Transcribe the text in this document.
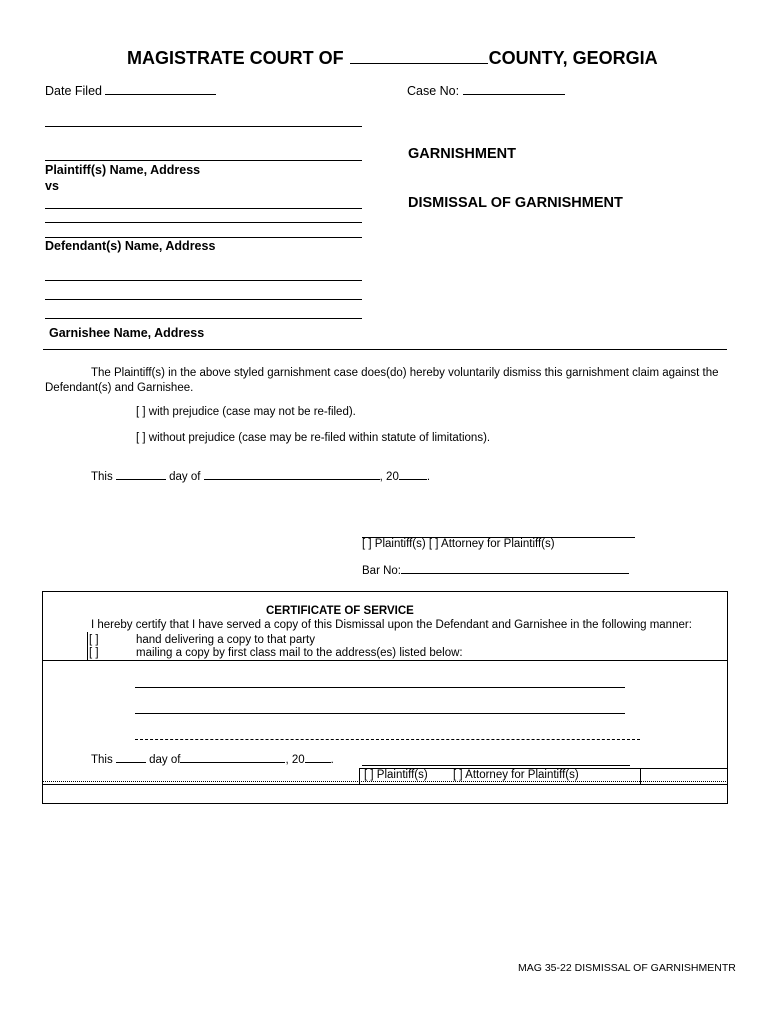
MAGISTRATE COURT OF	COUNTY, GEORGIA
Date Filed	Case No:
Plaintiff(s) Name, Address
vs
Defendant(s) Name, Address
Garnishee Name, Address
GARNISHMENT
DISMISSAL OF GARNISHMENT
The Plaintiff(s) in the above styled garnishment case does(do) hereby voluntarily dismiss this garnishment claim against the Defendant(s) and Garnishee.
[ ] with prejudice (case may not be re-filed).
[ ] without prejudice (case may be re-filed within statute of limitations).
This	day of	, 20 .
[ ] Plaintiff(s) [ ] Attorney for Plaintiff(s)
Bar No:
CERTIFICATE OF SERVICE
I hereby certify that I have served a copy of this Dismissal upon the Defendant and Garnishee in the following manner:
[ ]	hand delivering a copy to that party
[ ]	mailing a copy by first class mail to the address(es) listed below:
This	day of	, 20 .
[ ] Plaintiff(s) [ ] Attorney for Plaintiff(s)
MAG 35-22 DISMISSAL OF GARNISHMENTR
